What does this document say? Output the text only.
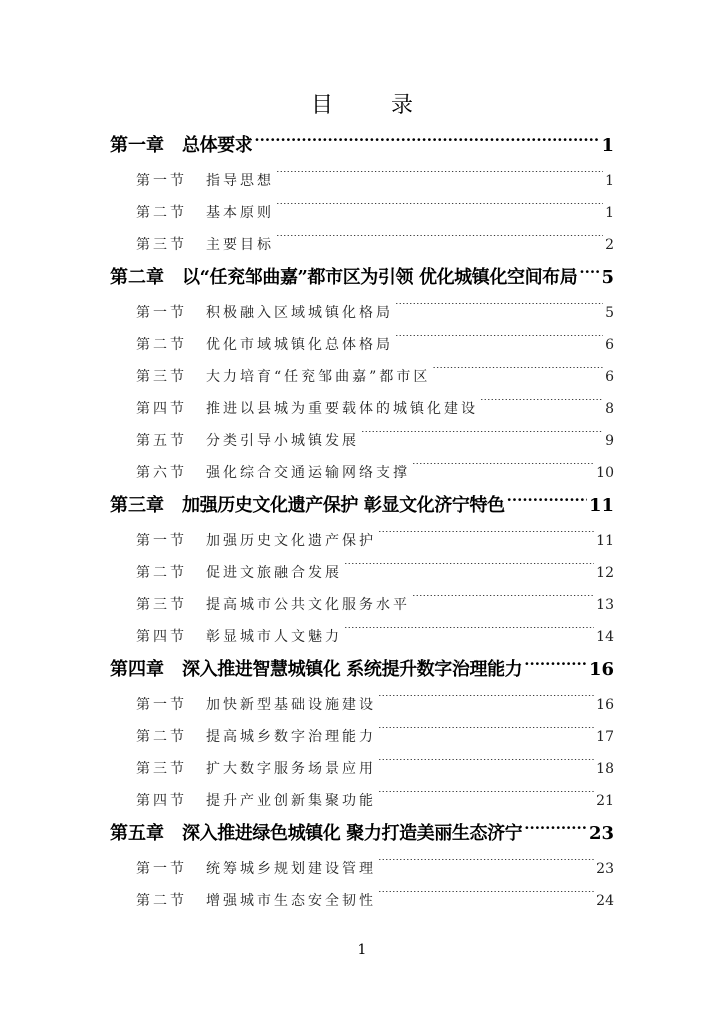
目　录
第一章 总体要求 .....	1
第一节	指导思想 .....	1
第二节	基本原则 .....	1
第三节	主要目标 .....	2
第二章 以“任兖邹曲嘉”都市区为引领 优化城镇化空间布局 ..... 5
第一节	积极融入区域城镇化格局 .....	5
第二节	优化市域城镇化总体格局 .....	6
第三节	大力培育“任兖邹曲嘉”都市区 .....	6
第四节	推进以县城为重要载体的城镇化建设 .....	8
第五节	分类引导小城镇发展 .....	9
第六节	强化综合交通运输网络支撑 .....	10
第三章 加强历史文化遗产保护 彰显文化济宁特色 .....	11
第一节	加强历史文化遗产保护 .....	11
第二节	促进文旅融合发展 .....	12
第三节	提高城市公共文化服务水平 .....	13
第四节	彰显城市人文魅力 .....	14
第四章 深入推进智慧城镇化 系统提升数字治理能力 .....	16
第一节	加快新型基础设施建设 .....	16
第二节	提高城乡数字治理能力 .....	17
第三节	扩大数字服务场景应用 .....	18
第四节	提升产业创新集聚功能 .....	21
第五章 深入推进绿色城镇化 聚力打造美丽生态济宁 .....	23
第一节	统筹城乡规划建设管理 .....	23
第二节	增强城市生态安全韧性 .....	24
1
